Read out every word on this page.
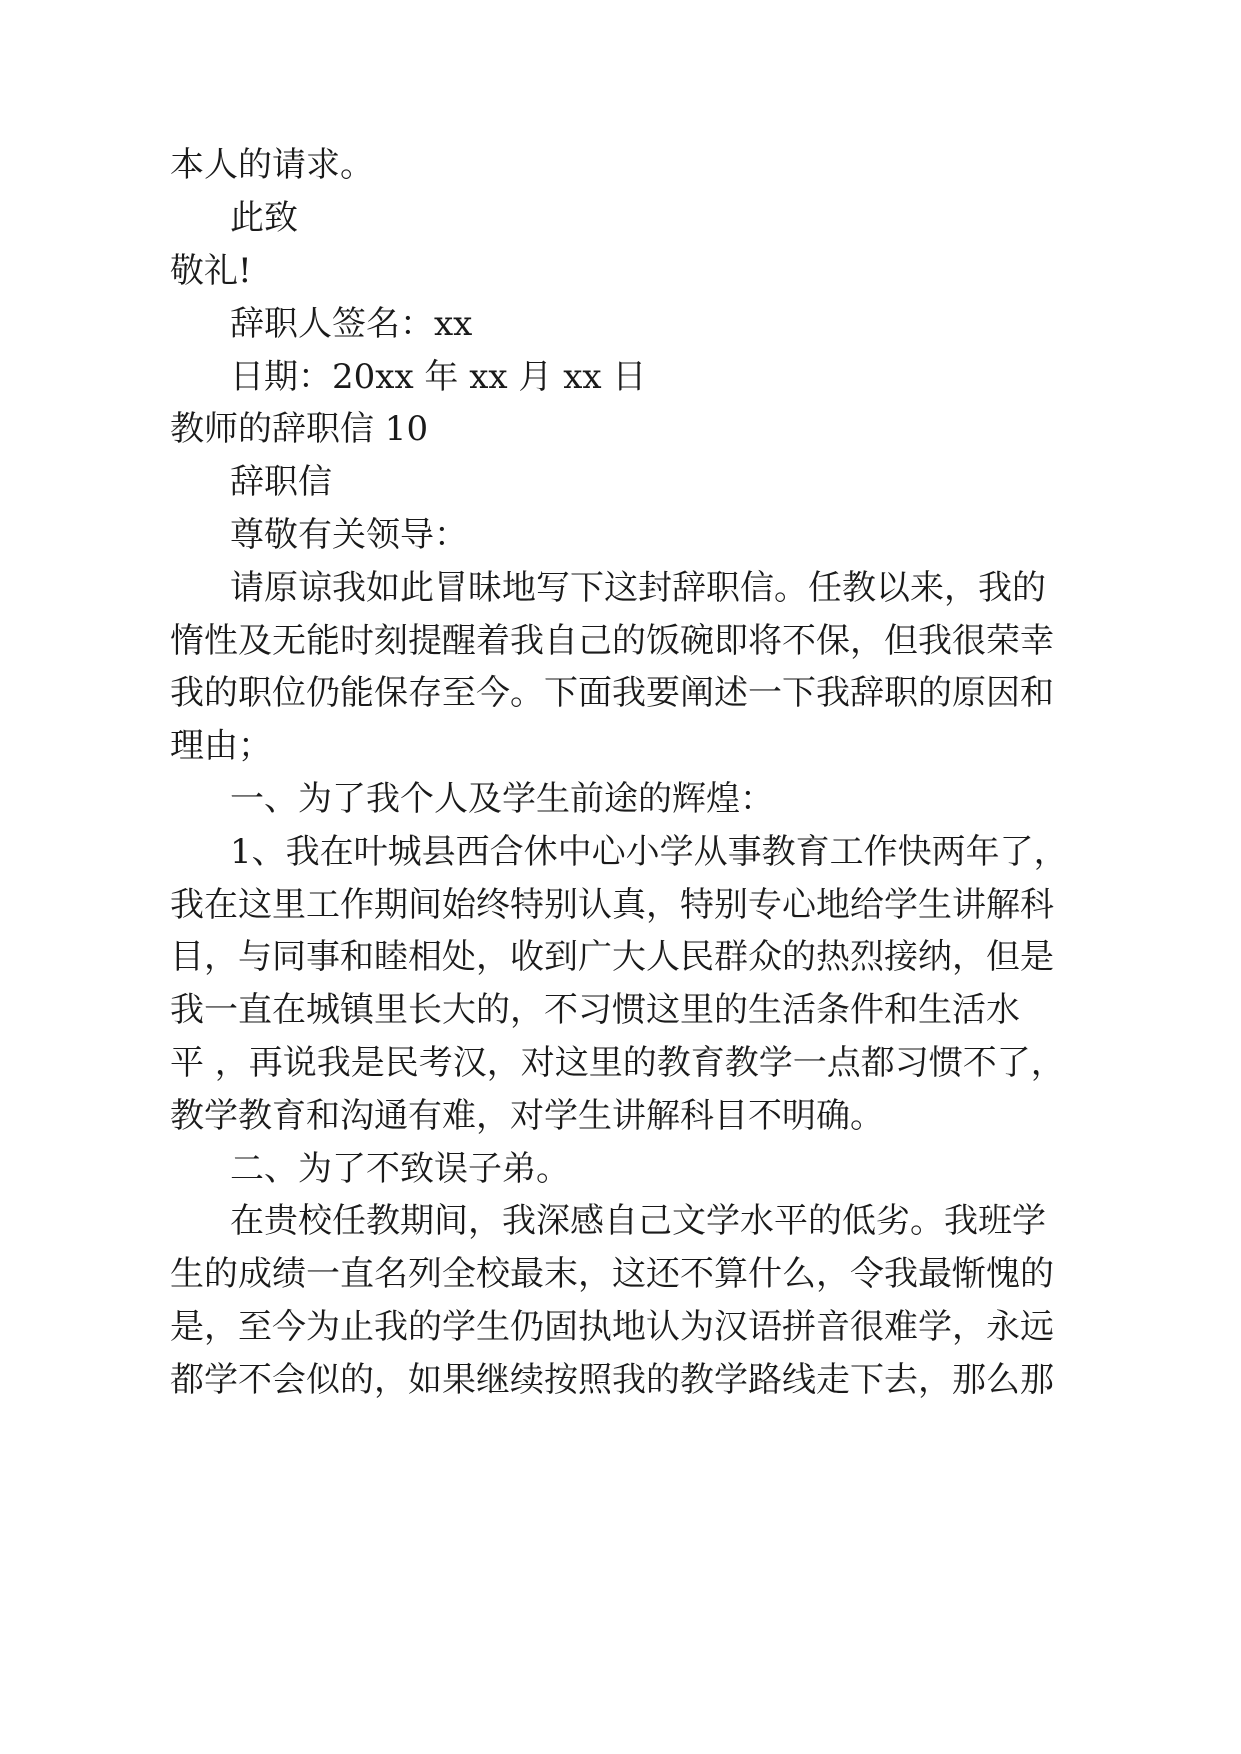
本人的请求。
此致
敬礼!
辞职人签名：xx
日期：20xx 年 xx 月 xx 日
教师的辞职信 10
辞职信
尊敬有关领导：
请原谅我如此冒昧地写下这封辞职信。任教以来，我的
惰性及无能时刻提醒着我自己的饭碗即将不保，但我很荣幸
我的职位仍能保存至今。下面我要阐述一下我辞职的原因和
理由；
一、为了我个人及学生前途的辉煌：
1、我在叶城县西合休中心小学从事教育工作快两年了，
我在这里工作期间始终特别认真，特别专心地给学生讲解科
目，与同事和睦相处，收到广大人民群众的热烈接纳，但是
我一直在城镇里长大的，不习惯这里的生活条件和生活水
平 ，再说我是民考汉，对这里的教育教学一点都习惯不了，
教学教育和沟通有难，对学生讲解科目不明确。
二、为了不致误子弟。
在贵校任教期间，我深感自己文学水平的低劣。我班学
生的成绩一直名列全校最末，这还不算什么，令我最惭愧的
是，至今为止我的学生仍固执地认为汉语拼音很难学，永远
都学不会似的，如果继续按照我的教学路线走下去，那么那
